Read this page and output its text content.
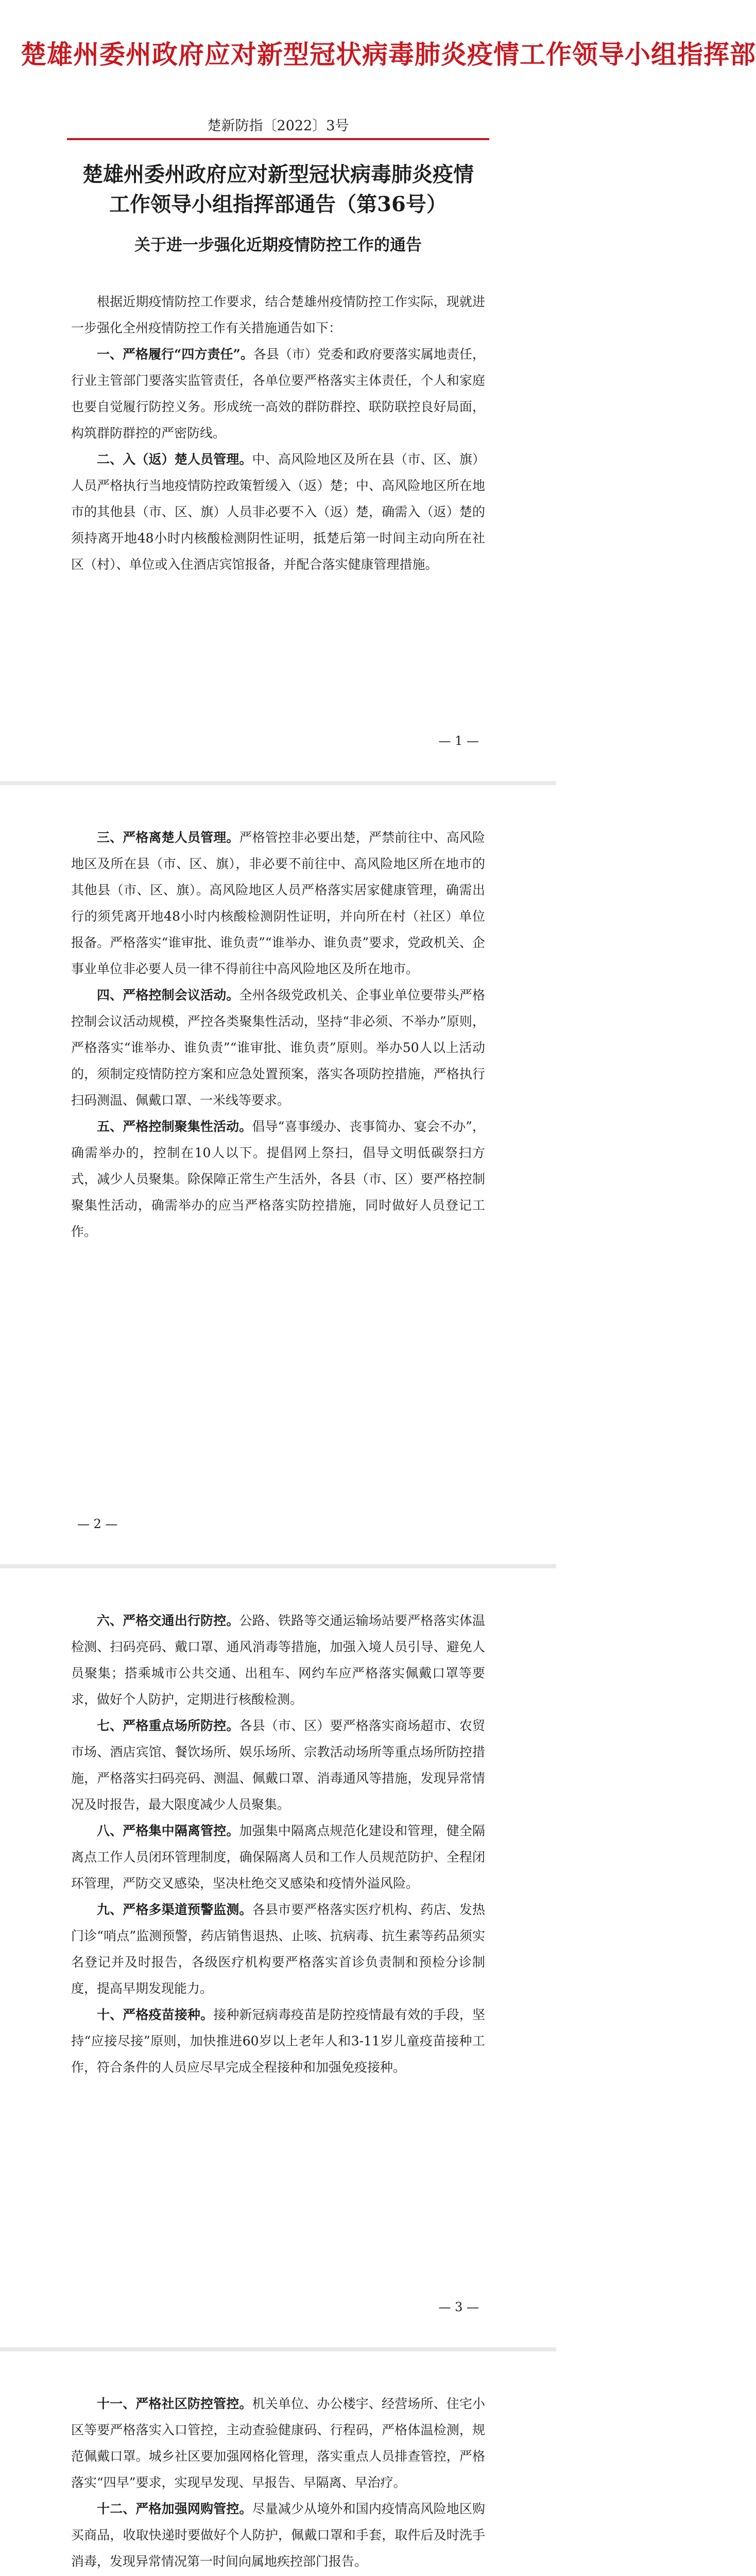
楚雄州委州政府应对新型冠状病毒肺炎疫情工作领导小组指挥部
楚新防指〔2022〕3号
楚雄州委州政府应对新型冠状病毒肺炎疫情
工作领导小组指挥部通告（第36号）
关于进一步强化近期疫情防控工作的通告

根据近期疫情防控工作要求，结合楚雄州疫情防控工作实际，现就进一步强化全州疫情防控工作有关措施通告如下：

一、严格履行“四方责任”。各县（市）党委和政府要落实属地责任，行业主管部门要落实监管责任，各单位要严格落实主体责任，个人和家庭也要自觉履行防控义务。形成统一高效的群防群控、联防联控良好局面，构筑群防群控的严密防线。

二、入（返）楚人员管理。中、高风险地区及所在县（市、区、旗）人员严格执行当地疫情防控政策暂缓入（返）楚；中、高风险地区所在地市的其他县（市、区、旗）人员非必要不入（返）楚，确需入（返）楚的须持离开地48小时内核酸检测阴性证明，抵楚后第一时间主动向所在社区（村）、单位或入住酒店宾馆报备，并配合落实健康管理措施。

— 1 —

三、严格离楚人员管理。严格管控非必要出楚，严禁前往中、高风险地区及所在县（市、区、旗），非必要不前往中、高风险地区所在地市的其他县（市、区、旗）。高风险地区人员严格落实居家健康管理，确需出行的须凭离开地48小时内核酸检测阴性证明，并向所在村（社区）单位报备。严格落实“谁审批、谁负责”“谁举办、谁负责”要求，党政机关、企事业单位非必要人员一律不得前往中高风险地区及所在地市。

四、严格控制会议活动。全州各级党政机关、企事业单位要带头严格控制会议活动规模，严控各类聚集性活动，坚持“非必须、不举办”原则，严格落实“谁举办、谁负责”“谁审批、谁负责”原则。举办50人以上活动的，须制定疫情防控方案和应急处置预案，落实各项防控措施，严格执行扫码测温、佩戴口罩、一米线等要求。

五、严格控制聚集性活动。倡导“喜事缓办、丧事简办、宴会不办”，确需举办的，控制在10人以下。提倡网上祭扫，倡导文明低碳祭扫方式，减少人员聚集。除保障正常生产生活外，各县（市、区）要严格控制聚集性活动，确需举办的应当严格落实防控措施，同时做好人员登记工作。

— 2 —

六、严格交通出行防控。公路、铁路等交通运输场站要严格落实体温检测、扫码亮码、戴口罩、通风消毒等措施，加强入境人员引导、避免人员聚集；搭乘城市公共交通、出租车、网约车应严格落实佩戴口罩等要求，做好个人防护，定期进行核酸检测。

七、严格重点场所防控。各县（市、区）要严格落实商场超市、农贸市场、酒店宾馆、餐饮场所、娱乐场所、宗教活动场所等重点场所防控措施，严格落实扫码亮码、测温、佩戴口罩、消毒通风等措施，发现异常情况及时报告，最大限度减少人员聚集。

八、严格集中隔离管控。加强集中隔离点规范化建设和管理，健全隔离点工作人员闭环管理制度，确保隔离人员和工作人员规范防护、全程闭环管理，严防交叉感染，坚决杜绝交叉感染和疫情外溢风险。

九、严格多渠道预警监测。各县市要严格落实医疗机构、药店、发热门诊“哨点”监测预警，药店销售退热、止咳、抗病毒、抗生素等药品须实名登记并及时报告，各级医疗机构要严格落实首诊负责制和预检分诊制度，提高早期发现能力。

十、严格疫苗接种。接种新冠病毒疫苗是防控疫情最有效的手段，坚持“应接尽接”原则，加快推进60岁以上老年人和3-11岁儿童疫苗接种工作，符合条件的人员应尽早完成全程接种和加强免疫接种。

— 3 —

十一、严格社区防控管控。机关单位、办公楼宇、经营场所、住宅小区等要严格落实入口管控，主动查验健康码、行程码，严格体温检测，规范佩戴口罩。城乡社区要加强网格化管理，落实重点人员排查管控，严格落实“四早”要求，实现早发现、早报告、早隔离、早治疗。

十二、严格加强网购管控。尽量减少从境外和国内疫情高风险地区购买商品，收取快递时要做好个人防护，佩戴口罩和手套，取件后及时洗手消毒，发现异常情况第一时间向属地疾控部门报告。
